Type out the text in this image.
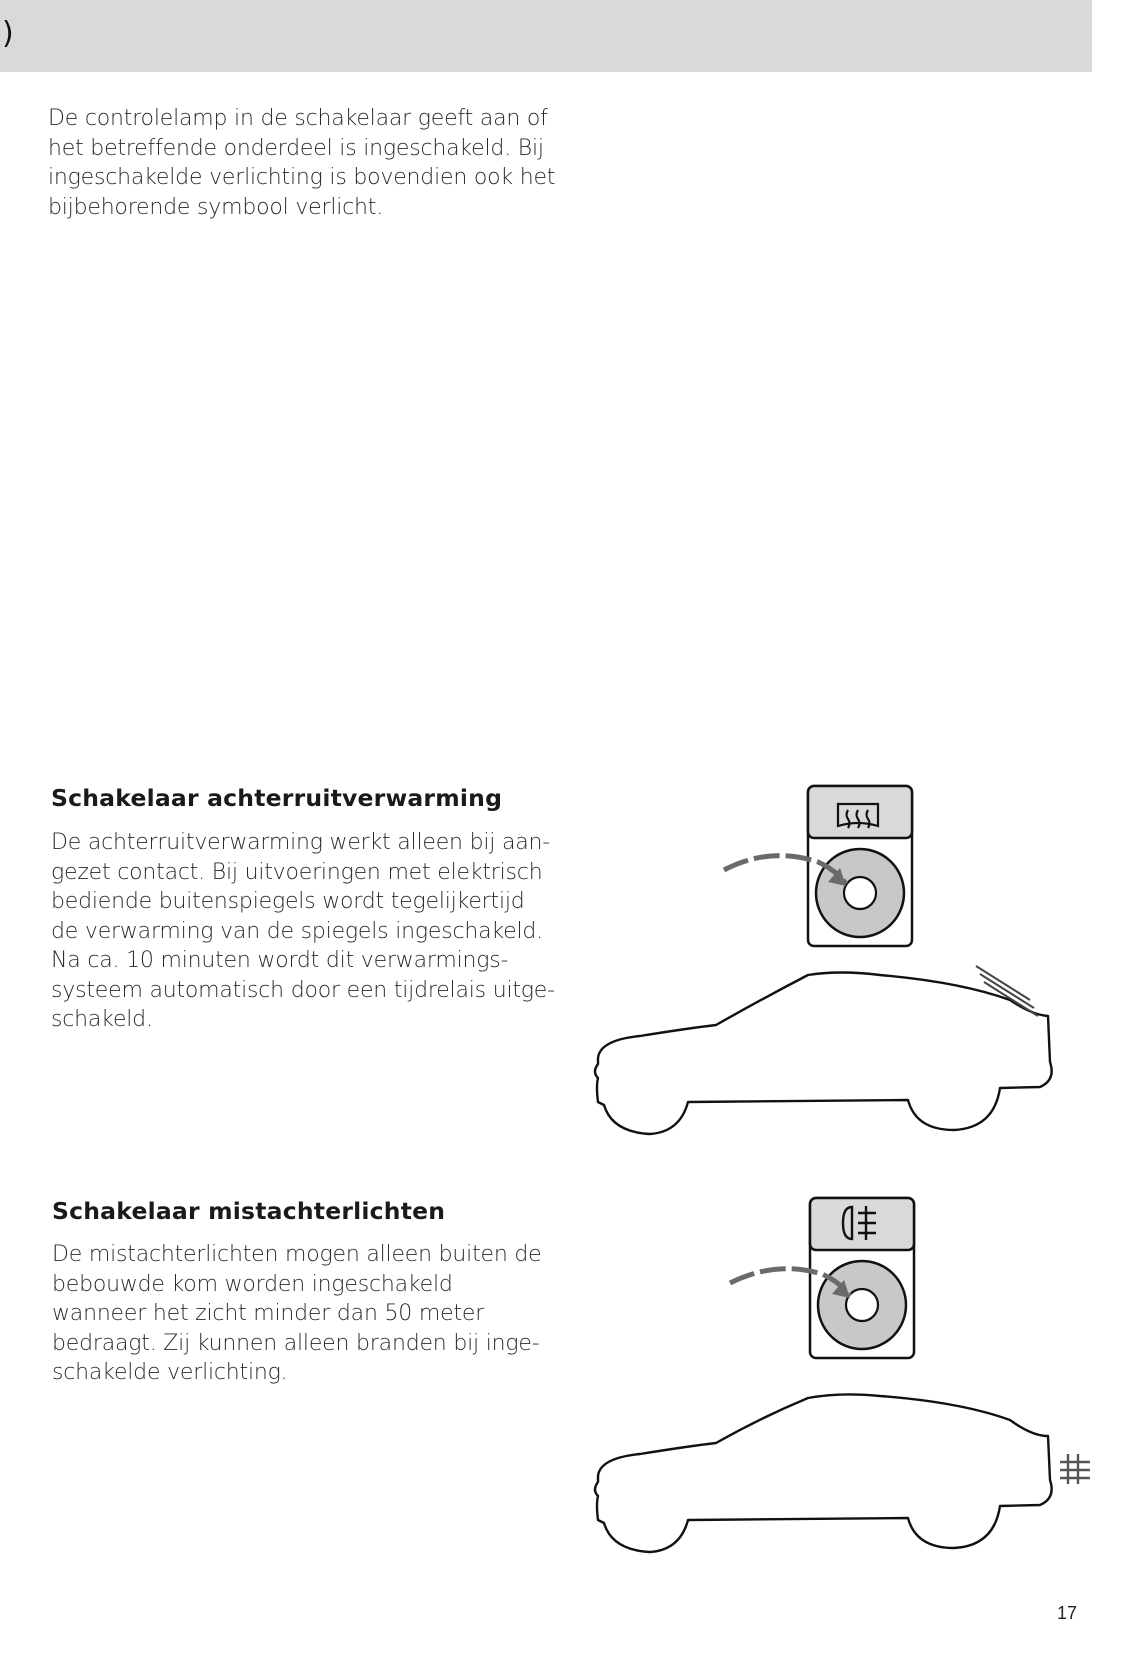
)

De controlelamp in de schakelaar geeft aan of
het betreffende onderdeel is ingeschakeld. Bij
ingeschakelde verlichting is bovendien ook het
bijbehorende symbool verlicht.

Schakelaar achterruitverwarming

De achterruitverwarming werkt alleen bij aan-
gezet contact. Bij uitvoeringen met elektrisch
bediende buitenspiegels wordt tegelijkertijd
de verwarming van de spiegels ingeschakeld.
Na ca. 10 minuten wordt dit verwarmings-
systeem automatisch door een tijdrelais uitge-
schakeld.

Schakelaar mistachterlichten

De mistachterlichten mogen alleen buiten de
bebouwde kom worden ingeschakeld
wanneer het zicht minder dan 50 meter
bedraagt. Zij kunnen alleen branden bij inge-
schakelde verlichting.

17
